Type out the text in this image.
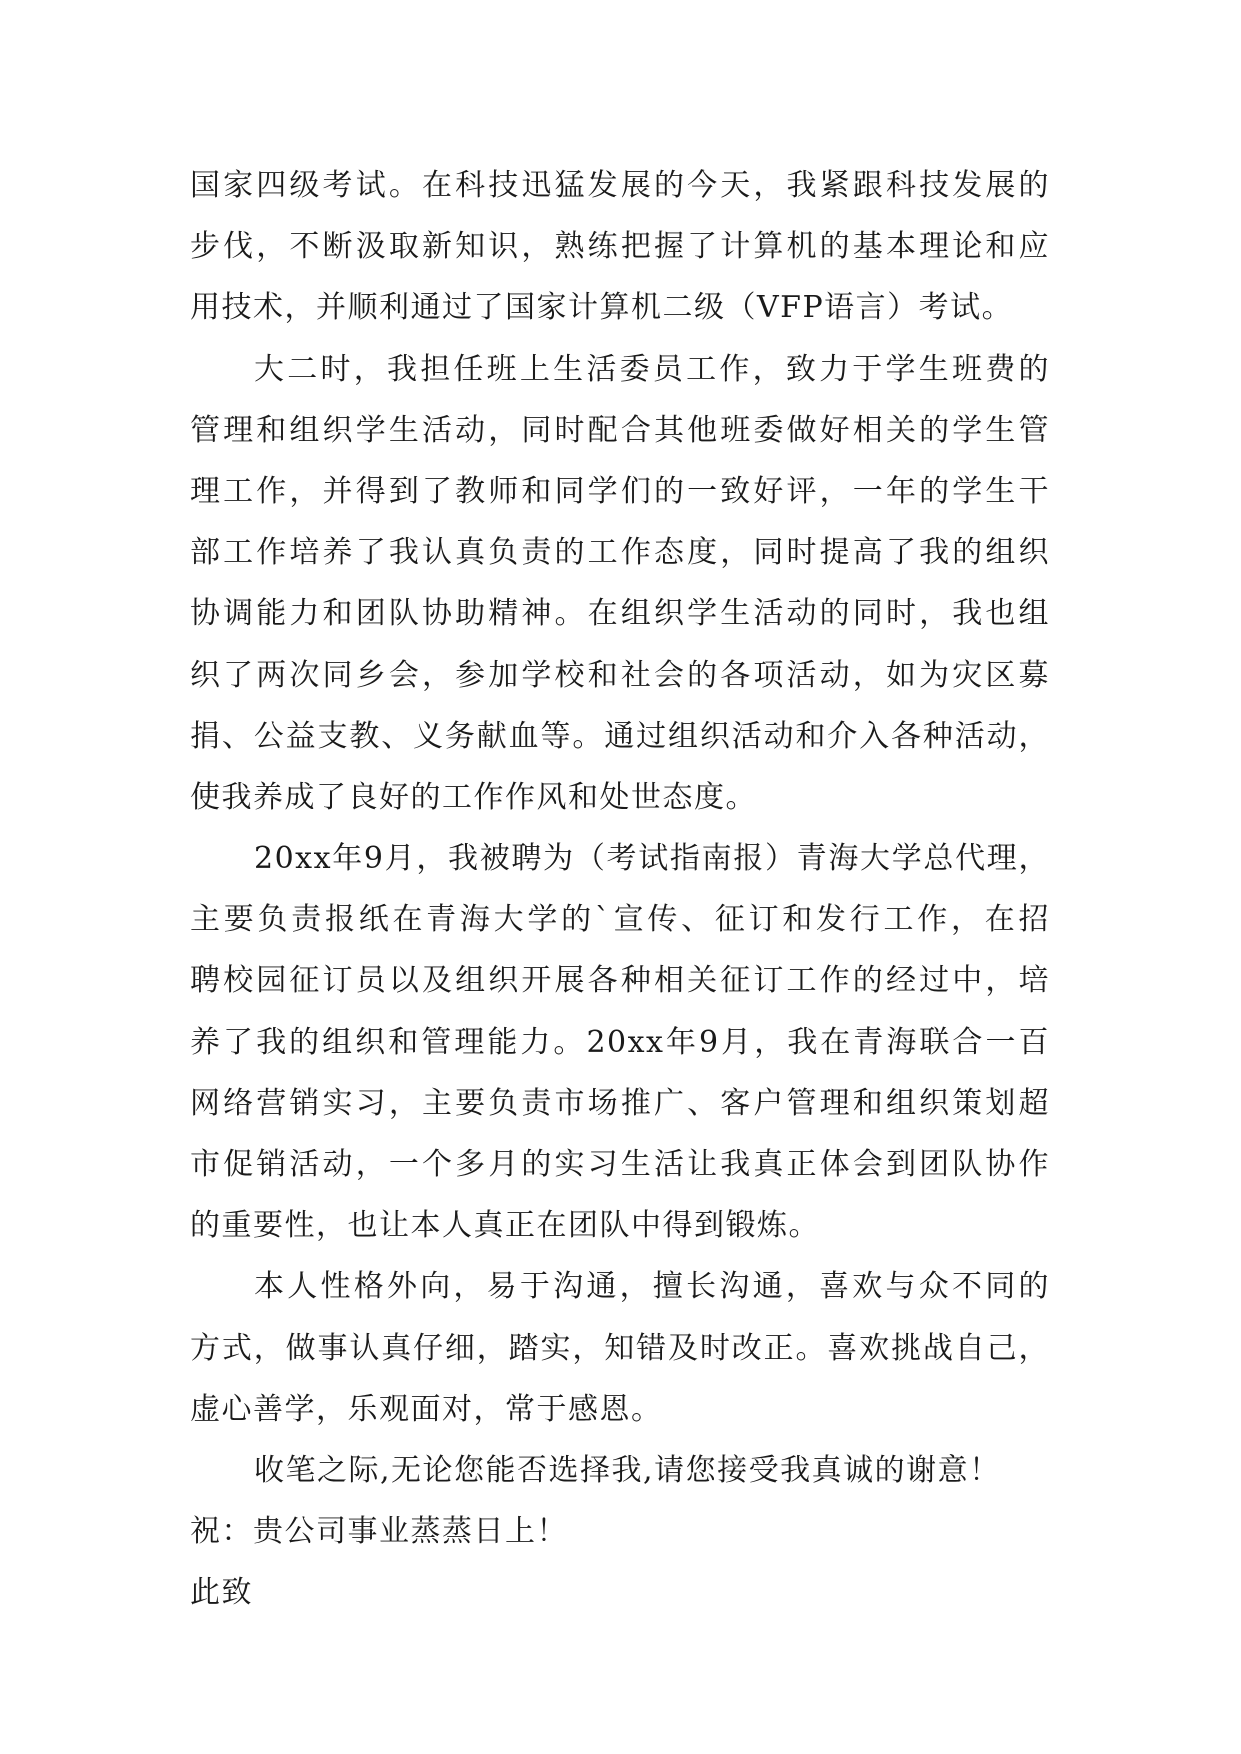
国家四级考试。在科技迅猛发展的今天，我紧跟科技发展的
步伐，不断汲取新知识，熟练把握了计算机的基本理论和应
用技术，并顺利通过了国家计算机二级（VFP语言）考试。
大二时，我担任班上生活委员工作，致力于学生班费的
管理和组织学生活动，同时配合其他班委做好相关的学生管
理工作，并得到了教师和同学们的一致好评，一年的学生干
部工作培养了我认真负责的工作态度，同时提高了我的组织
协调能力和团队协助精神。在组织学生活动的同时，我也组
织了两次同乡会，参加学校和社会的各项活动，如为灾区募
捐、公益支教、义务献血等。通过组织活动和介入各种活动，
使我养成了良好的工作作风和处世态度。
20xx年9月，我被聘为（考试指南报）青海大学总代理，
主要负责报纸在青海大学的`宣传、征订和发行工作，在招
聘校园征订员以及组织开展各种相关征订工作的经过中，培
养了我的组织和管理能力。20xx年9月，我在青海联合一百
网络营销实习，主要负责市场推广、客户管理和组织策划超
市促销活动，一个多月的实习生活让我真正体会到团队协作
的重要性，也让本人真正在团队中得到锻炼。
本人性格外向，易于沟通，擅长沟通，喜欢与众不同的
方式，做事认真仔细，踏实，知错及时改正。喜欢挑战自己，
虚心善学，乐观面对，常于感恩。
收笔之际,无论您能否选择我,请您接受我真诚的谢意！
祝：贵公司事业蒸蒸日上！
此致
